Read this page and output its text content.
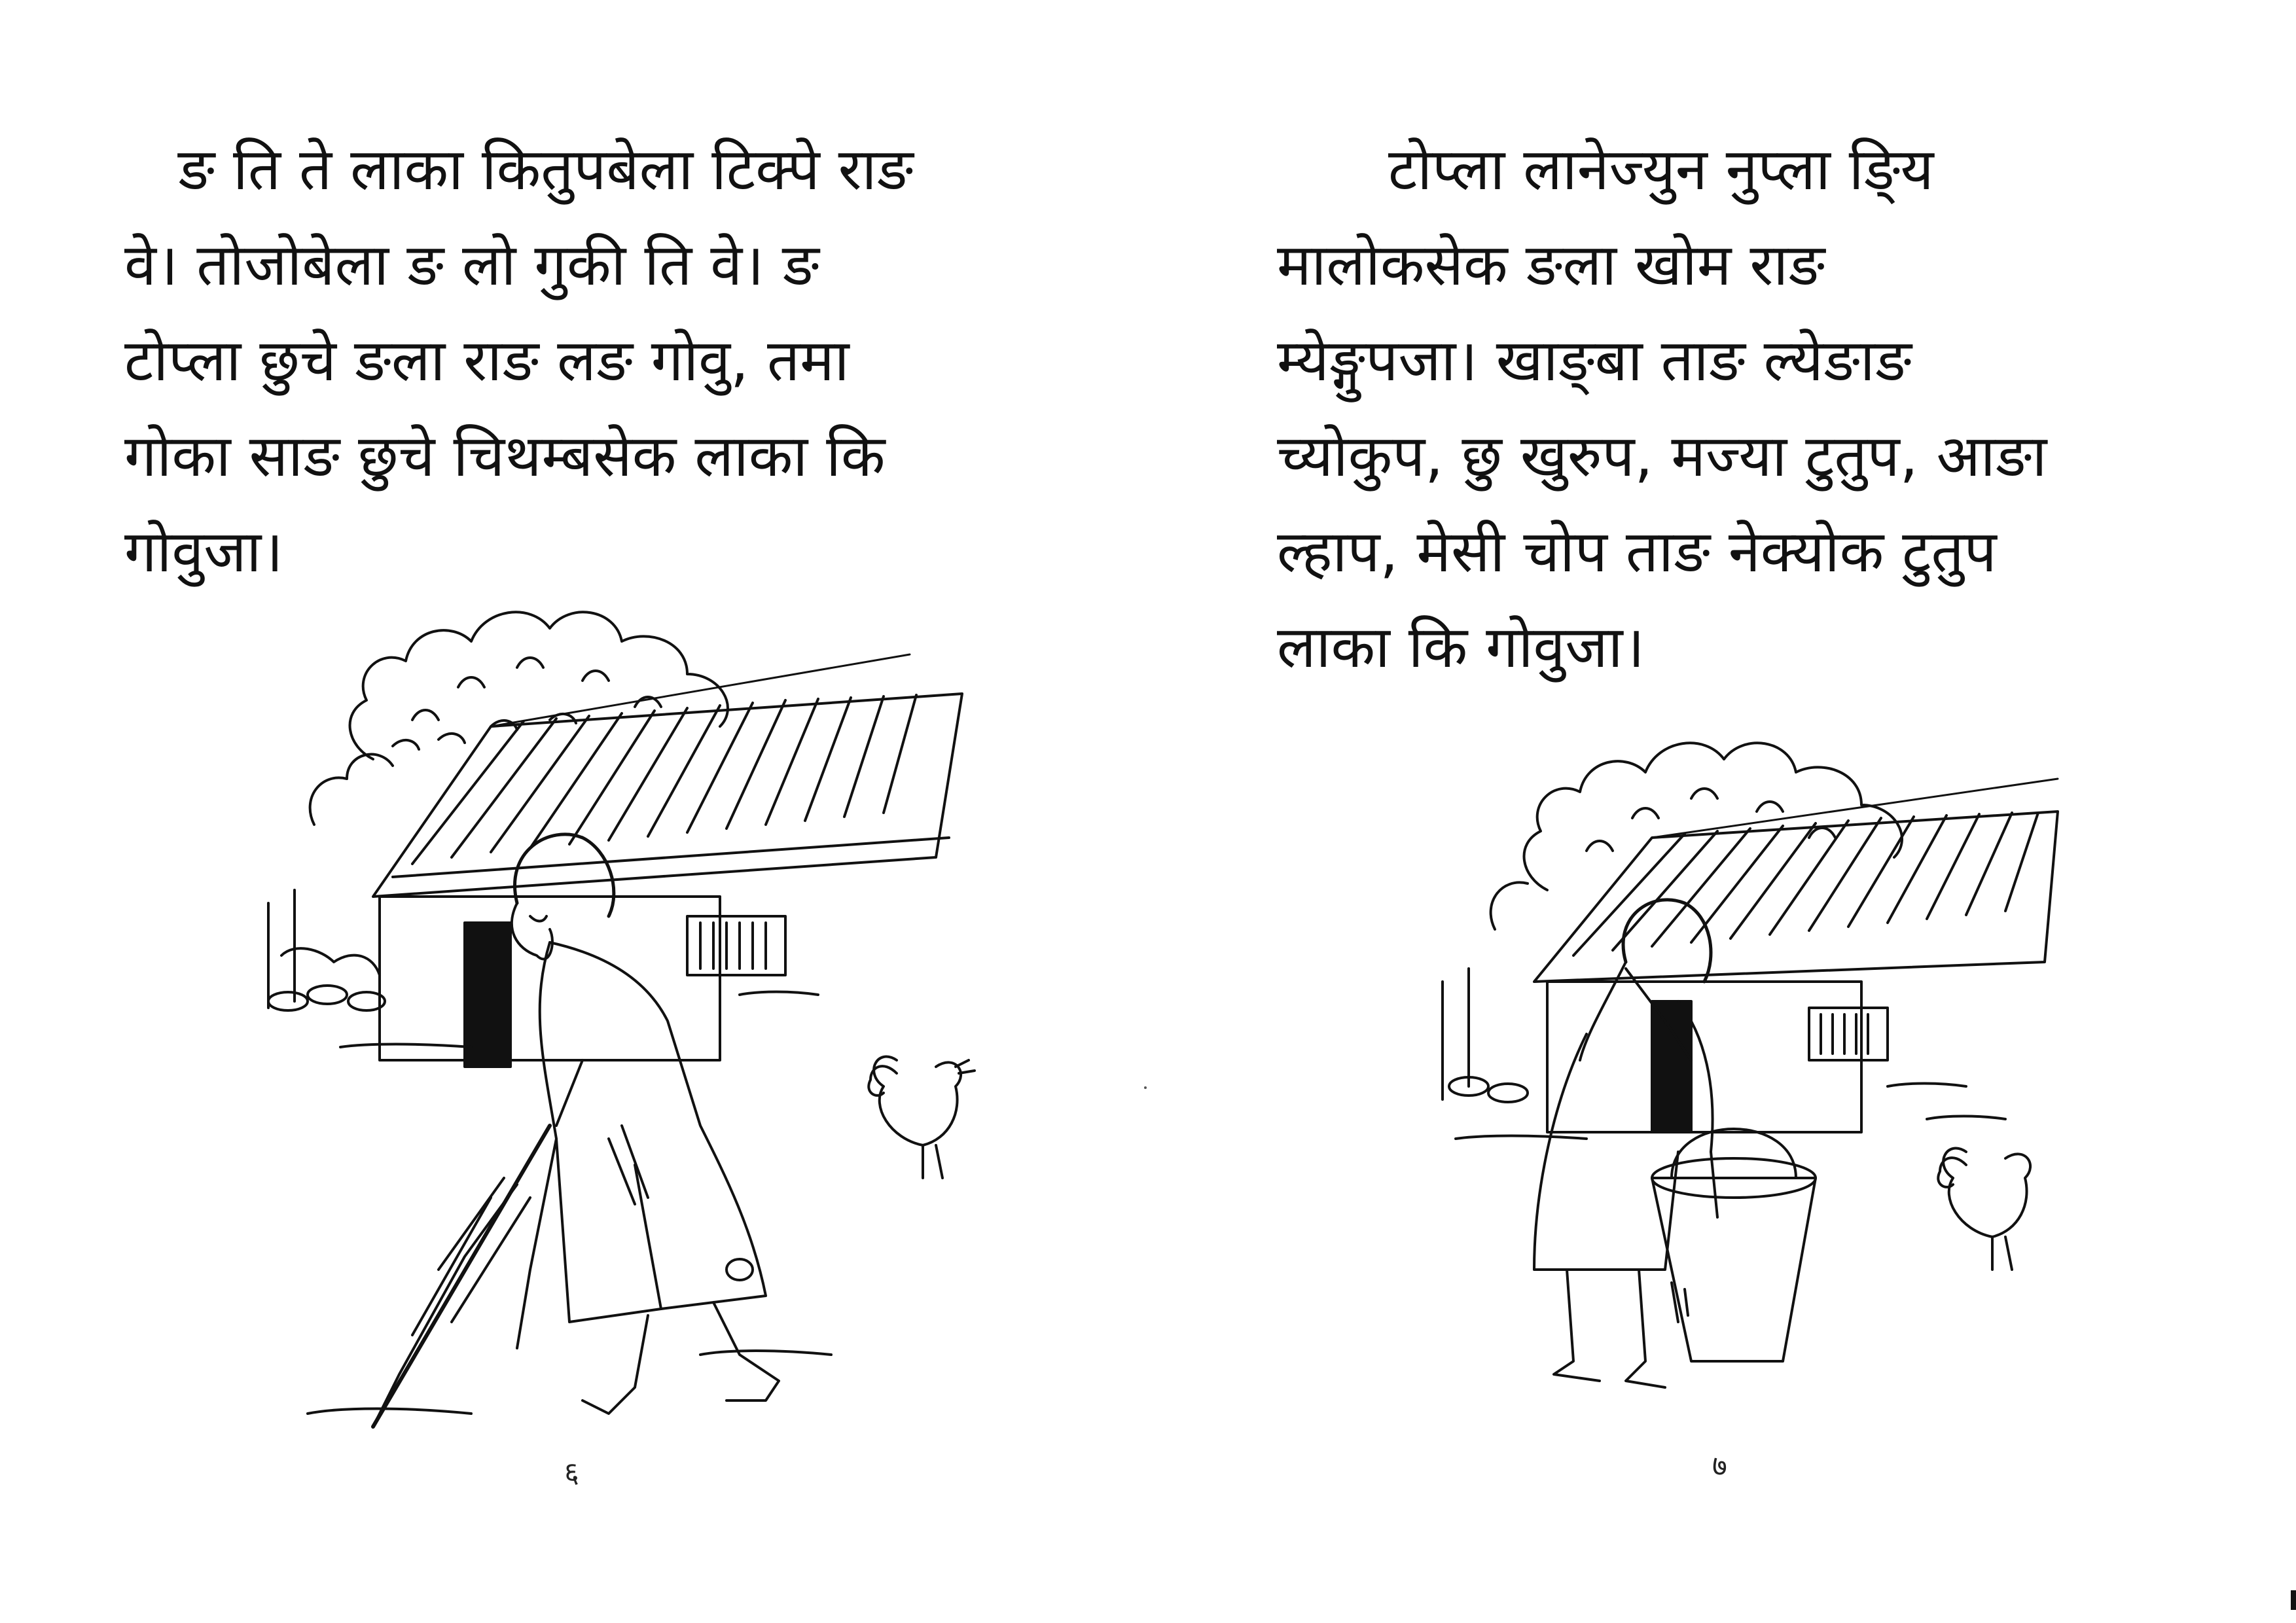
ङ ति ते लाका कितुपबेला टिक्पे राङ
वे। तोजोबेला ङ लो गुकी ति वे। ङ
टोप्ला छुचे ङला राङ लङ गोवु, तमा
गोका साङ छुचे चिथम्बसेक लाका कि
गोवुजा।
६
टोप्ला लानेज्युन नुप्ला ङि्य
मालोकसेक ङला खोम राङ
म्येङ्गुपजा। खाङ्बा ताङ ल्येङाङ
च्योकुप, छु खुरुप, मज्या टुतुप, आङा
ल्हाप, मेसी चोप ताङ नेक्योक टुतुप
लाका कि गोवुजा।
७
